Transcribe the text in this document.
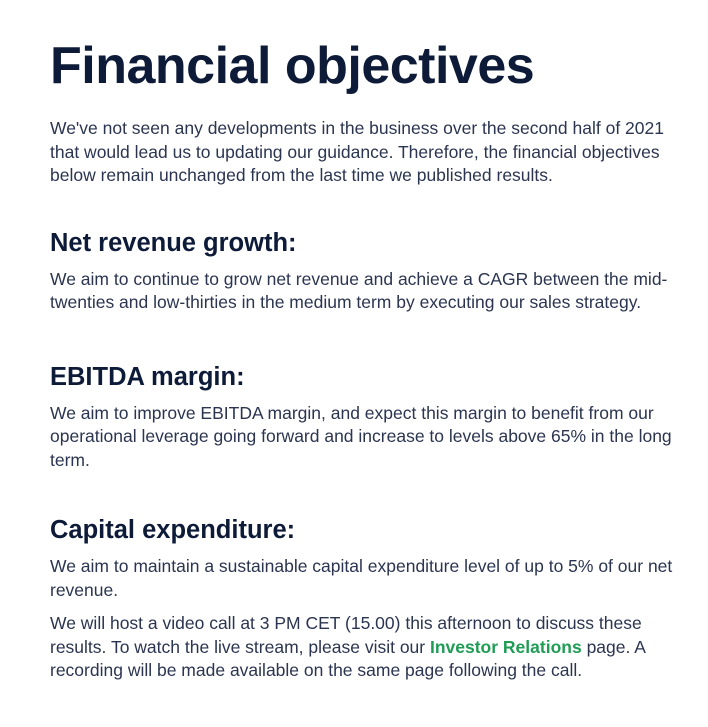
Financial objectives

We've not seen any developments in the business over the second half of 2021 that would lead us to updating our guidance. Therefore, the financial objectives below remain unchanged from the last time we published results.

Net revenue growth:

We aim to continue to grow net revenue and achieve a CAGR between the mid-twenties and low-thirties in the medium term by executing our sales strategy.

EBITDA margin:

We aim to improve EBITDA margin, and expect this margin to benefit from our operational leverage going forward and increase to levels above 65% in the long term.

Capital expenditure:

We aim to maintain a sustainable capital expenditure level of up to 5% of our net revenue.

We will host a video call at 3 PM CET (15.00) this afternoon to discuss these results. To watch the live stream, please visit our Investor Relations page. A recording will be made available on the same page following the call.
